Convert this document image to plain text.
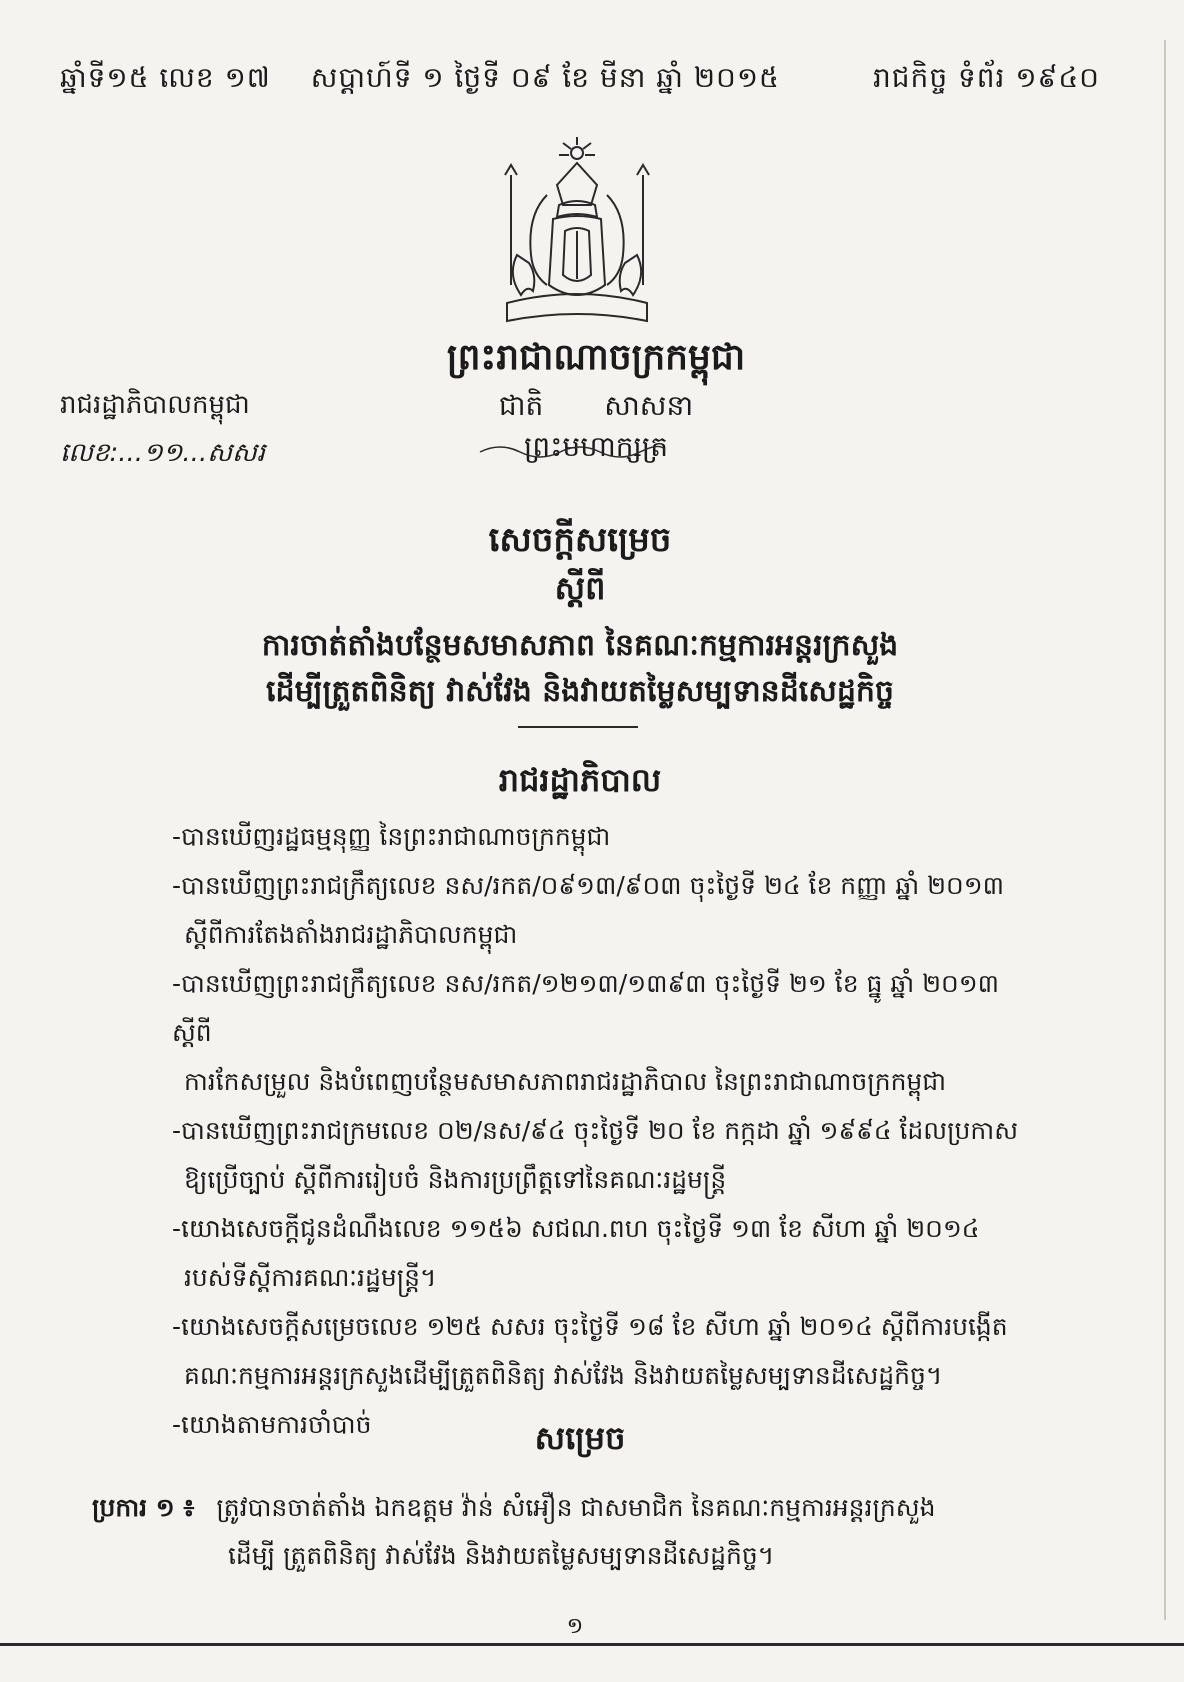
ឆ្នាំទី១៥ លេខ ១៧ សប្តាហ៍ទី ១ ថ្ងៃទី ០៩ ខែ មីនា ឆ្នាំ ២០១៥	រាជកិច្ច ទំព័រ ១៩៤០
ព្រះរាជាណាចក្រកម្ពុជា
រាជរដ្ឋាភិបាលកម្ពុជា	ជាតិ សាសនា ព្រះមហាក្សត្រ
លេខ:...១១...សសរ
សេចក្តីសម្រេច
ស្តីពី
ការចាត់តាំងបន្ថែមសមាសភាព នៃគណៈកម្មការអន្តរក្រសួង
ដើម្បីត្រួតពិនិត្យ វាស់វែង និងវាយតម្លៃសម្បទានដីសេដ្ឋកិច្ច
រាជរដ្ឋាភិបាល

-បានឃើញរដ្ឋធម្មនុញ្ញ នៃព្រះរាជាណាចក្រកម្ពុជា

-បានឃើញព្រះរាជក្រឹត្យលេខ នស/រកត/០៩១៣/៩០៣ ចុះថ្ងៃទី ២៤ ខែ កញ្ញា ឆ្នាំ ២០១៣

ស្តីពីការតែងតាំងរាជរដ្ឋាភិបាលកម្ពុជា

-បានឃើញព្រះរាជក្រឹត្យលេខ នស/រកត/១២១៣/១៣៩៣ ចុះថ្ងៃទី ២១ ខែ ធ្នូ ឆ្នាំ ២០១៣ ស្តីពី

ការកែសម្រួល និងបំពេញបន្ថែមសមាសភាពរាជរដ្ឋាភិបាល នៃព្រះរាជាណាចក្រកម្ពុជា

-បានឃើញព្រះរាជក្រមលេខ ០២/នស/៩៤ ចុះថ្ងៃទី ២០ ខែ កក្កដា ឆ្នាំ ១៩៩៤ ដែលប្រកាស

ឱ្យប្រើច្បាប់ ស្តីពីការរៀបចំ និងការប្រព្រឹត្តទៅនៃគណៈរដ្ឋមន្ត្រី

-យោងសេចក្តីជូនដំណឹងលេខ ១១៥៦ សជណ.ពហ ចុះថ្ងៃទី ១៣ ខែ សីហា ឆ្នាំ ២០១៤

របស់ទីស្តីការគណៈរដ្ឋមន្ត្រី។

-យោងសេចក្តីសម្រេចលេខ ១២៥ សសរ ចុះថ្ងៃទី ១៨ ខែ សីហា ឆ្នាំ ២០១៤ ស្តីពីការបង្កើត

គណៈកម្មការអន្តរក្រសួងដើម្បីត្រួតពិនិត្យ វាស់វែង និងវាយតម្លៃសម្បទានដីសេដ្ឋកិច្ច។

-យោងតាមការចាំបាច់	សម្រេច
ប្រការ ១ ៖ ត្រូវបានចាត់តាំង ឯកឧត្តម វ៉ាន់ សំអឿន ជាសមាជិក នៃគណៈកម្មការអន្តរក្រសួង
ដើម្បី ត្រួតពិនិត្យ វាស់វែង និងវាយតម្លៃសម្បទានដីសេដ្ឋកិច្ច។
១
